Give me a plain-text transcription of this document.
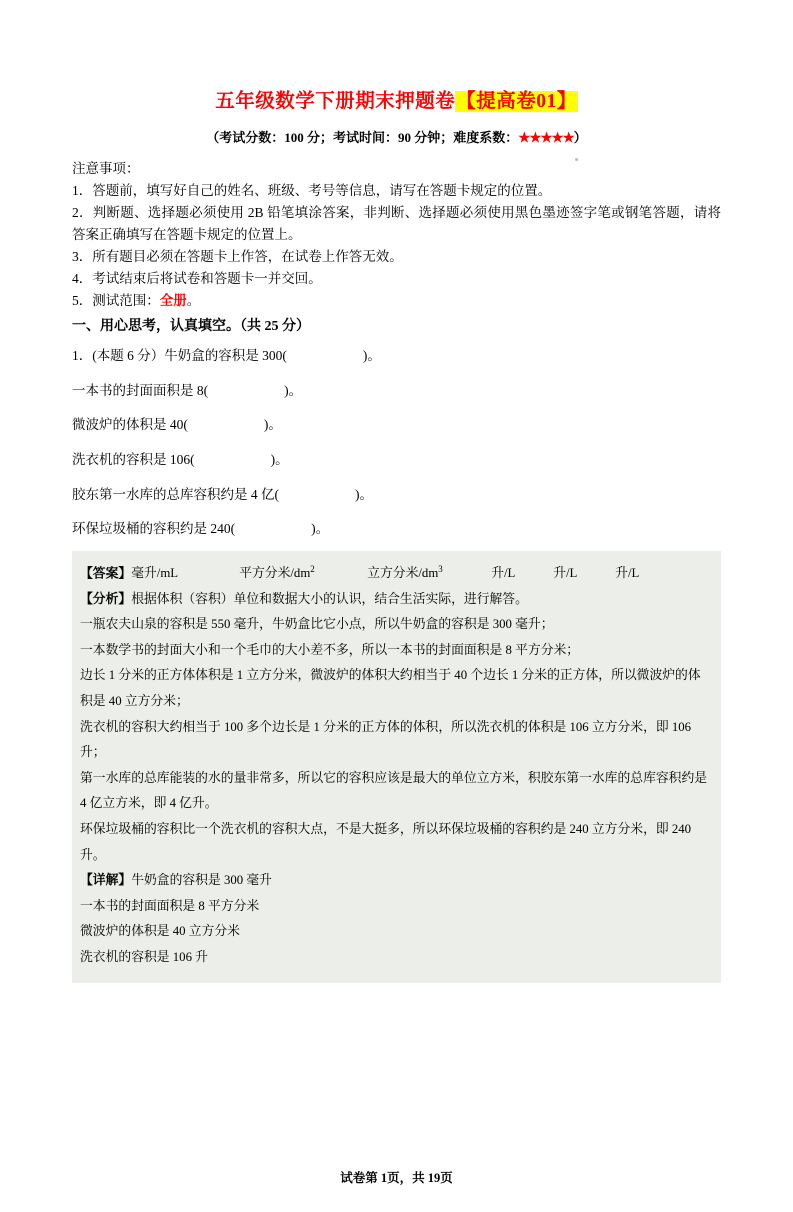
五年级数学下册期末押题卷【提高卷01】
（考试分数：100 分；考试时间：90 分钟；难度系数：★★★★★）
注意事项：
1．答题前，填写好自己的姓名、班级、考号等信息，请写在答题卡规定的位置。
2．判断题、选择题必须使用 2B 铅笔填涂答案，非判断、选择题必须使用黑色墨迹签字笔或钢笔答题，请将答案正确填写在答题卡规定的位置上。
3．所有题目必须在答题卡上作答，在试卷上作答无效。
4．考试结束后将试卷和答题卡一并交回。
5．测试范围：全册。
一、用心思考，认真填空。（共 25 分）
1．(本题 6 分）牛奶盒的容积是 300(	)。
一本书的封面面积是 8(	)。
微波炉的体积是 40(	)。
洗衣机的容积是 106(	)。
胶东第一水库的总库容积约是 4 亿(	)。
环保垃圾桶的容积约是 240(	)。
【答案】毫升/mL	平方分米$/dm^2$	立方分米$/dm^3$	升/L	升/L	升/L
【分析】根据体积（容积）单位和数据大小的认识，结合生活实际，进行解答。
一瓶农夫山泉的容积是 550 毫升，牛奶盒比它小点，所以牛奶盒的容积是 300 毫升；
一本数学书的封面大小和一个毛巾的大小差不多，所以一本书的封面面积是 8 平方分米；
边长 1 分米的正方体体积是 1 立方分米，微波炉的体积大约相当于 40 个边长 1 分米的正方体，所以微波炉的体积是 40 立方分米；
洗衣机的容积大约相当于 100 多个边长是 1 分米的正方体的体积，所以洗衣机的体积是 106 立方分米，即 106 升；
第一水库的总库能装的水的量非常多，所以它的容积应该是最大的单位立方米，积胶东第一水库的总库容积约是 4 亿立方米，即 4 亿升。
环保垃圾桶的容积比一个洗衣机的容积大点，不是大挺多，所以环保垃圾桶的容积约是 240 立方分米，即 240 升。
【详解】牛奶盒的容积是 300 毫升
一本书的封面面积是 8 平方分米
微波炉的体积是 40 立方分米
洗衣机的容积是 106 升
试卷第 1页，共 19页
